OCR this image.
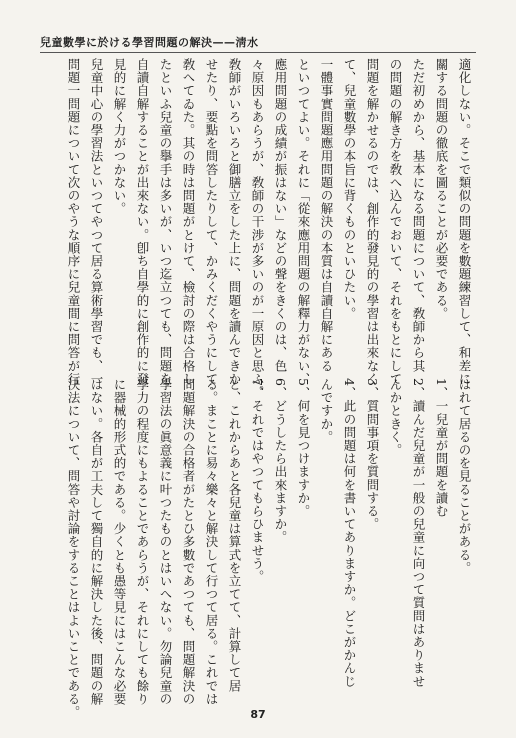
兒童數學に於ける學習問題の解決——淸水
適化しない。そこで類似の問題を數題練習して、和差に
關する問題の徹底を圖ることが必要である。
ただ初めから、基本になる問題について、敎師から其
の問題の解き方を敎へ込んでおいて、それをもとにして
問題を解かせるのでは、創作的發見的の學習は出來なく
て、兒童數學の本旨に背くものといひたい。
一體事實問題應用問題の解決の本質は自讀自解にある
といつてよい。それに「從來應用問題の解釋力がない、
應用問題の成績が振はない」などの聲をきくのは、色
々原因もあらうが、敎師の干涉が多いのが一原因と思ふ。
敎師がいろいろと御膳立をした上に、問題を讀んできか
せたり、要點を問答したりして、かみくだくやうにして
敎へてゐた。其の時は問題がとけて、檢討の際は合格し
たといふ兒童の擧手は多いが、いつ迄立つても、問題を
自讀自解することが出來ない。卽ち自學的に創作的に發
見的に解く力がつかない。
兒童中心の學習法といつてやつて居る算術學習でも、一
問題一問題について次のやうな順序に兒童間に問答が行
はれて居るのを見ることがある。
1、一兒童が問題を讀む
2、讀んだ兒童が一般の兒童に向つて質問はありませ
んかときく。
3、質問事項を質問する。
4、此の問題は何を書いてありますか。どこがかんじ
んですか。
5、何を見つけますか。
6、どうしたら出來ますか。
7、それではやつてもらひませう。
と、これからあと各兒童は算式を立てて、計算して居
る。まことに易々樂々と解決して行つて居る。これでは
問題解決の合格者がたとひ多數であつても、問題解決の
學習法の眞意義に叶つたものとはいへない。勿論兒童の
學力の程度にもよることであらうが、それにしても餘り
に器械的形式的である。少くとも愚等見にはこんな必要
はない。各自が工夫して獨自的に解決した後、問題の解
決法について、問答や討論をすることはよいことである。	87
